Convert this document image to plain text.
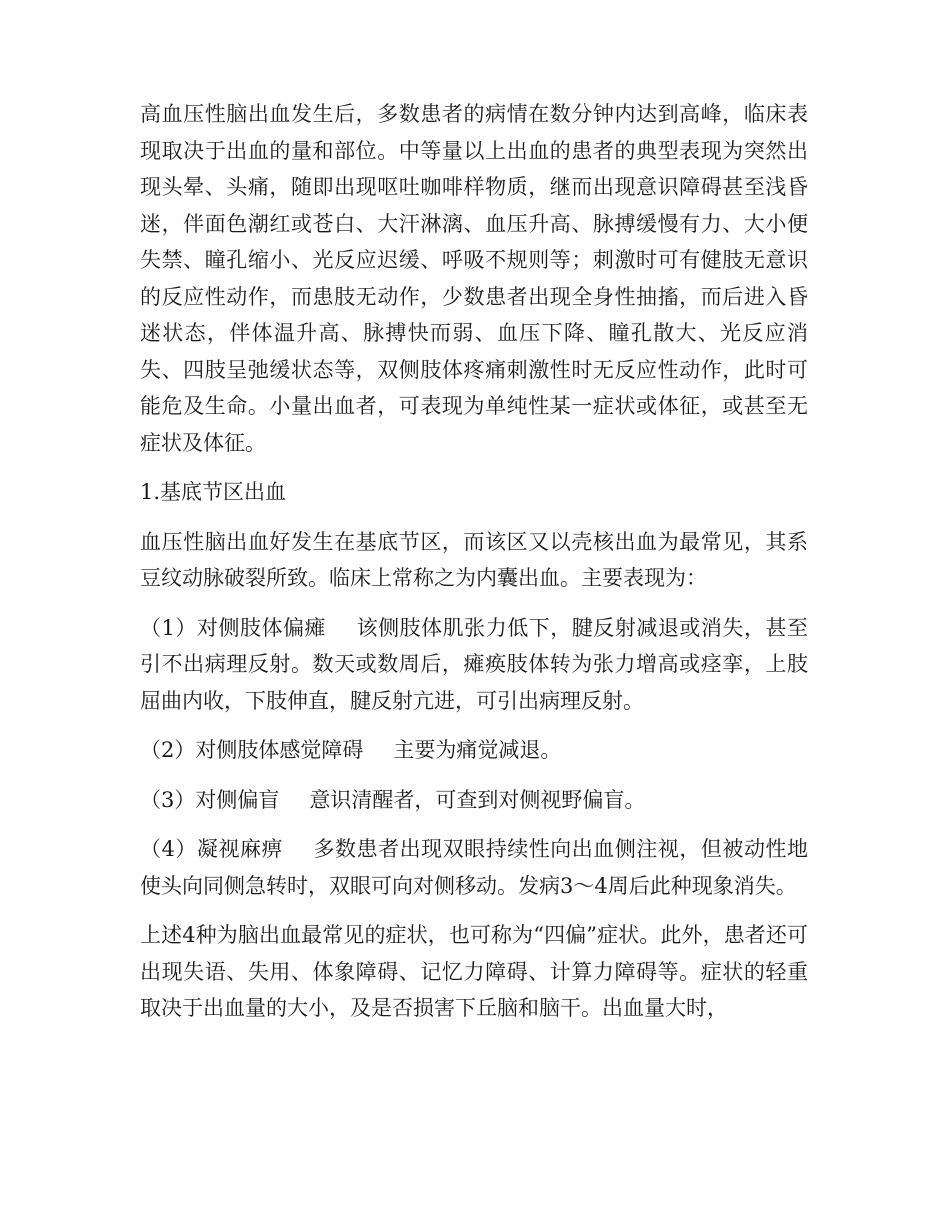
高血压性脑出血发生后，多数患者的病情在数分钟内达到高峰，临床表现取决于出血的量和部位。中等量以上出血的患者的典型表现为突然出现头晕、头痛，随即出现呕吐咖啡样物质，继而出现意识障碍甚至浅昏迷，伴面色潮红或苍白、大汗淋漓、血压升高、脉搏缓慢有力、大小便失禁、瞳孔缩小、光反应迟缓、呼吸不规则等；刺激时可有健肢无意识的反应性动作，而患肢无动作，少数患者出现全身性抽搐，而后进入昏迷状态，伴体温升高、脉搏快而弱、血压下降、瞳孔散大、光反应消失、四肢呈弛缓状态等，双侧肢体疼痛刺激性时无反应性动作，此时可能危及生命。小量出血者，可表现为单纯性某一症状或体征，或甚至无症状及体征。

1.基底节区出血

血压性脑出血好发生在基底节区，而该区又以壳核出血为最常见，其系豆纹动脉破裂所致。临床上常称之为内囊出血。主要表现为：

（1）对侧肢体偏瘫 该侧肢体肌张力低下，腱反射减退或消失，甚至引不出病理反射。数天或数周后，瘫痪肢体转为张力增高或痉挛，上肢屈曲内收，下肢伸直，腱反射亢进，可引出病理反射。

（2）对侧肢体感觉障碍 主要为痛觉减退。

（3）对侧偏盲 意识清醒者，可查到对侧视野偏盲。

（4）凝视麻痹 多数患者出现双眼持续性向出血侧注视，但被动性地使头向同侧急转时，双眼可向对侧移动。发病3～4周后此种现象消失。

上述4种为脑出血最常见的症状，也可称为“四偏”症状。此外，患者还可出现失语、失用、体象障碍、记忆力障碍、计算力障碍等。症状的轻重取决于出血量的大小，及是否损害下丘脑和脑干。出血量大时，
